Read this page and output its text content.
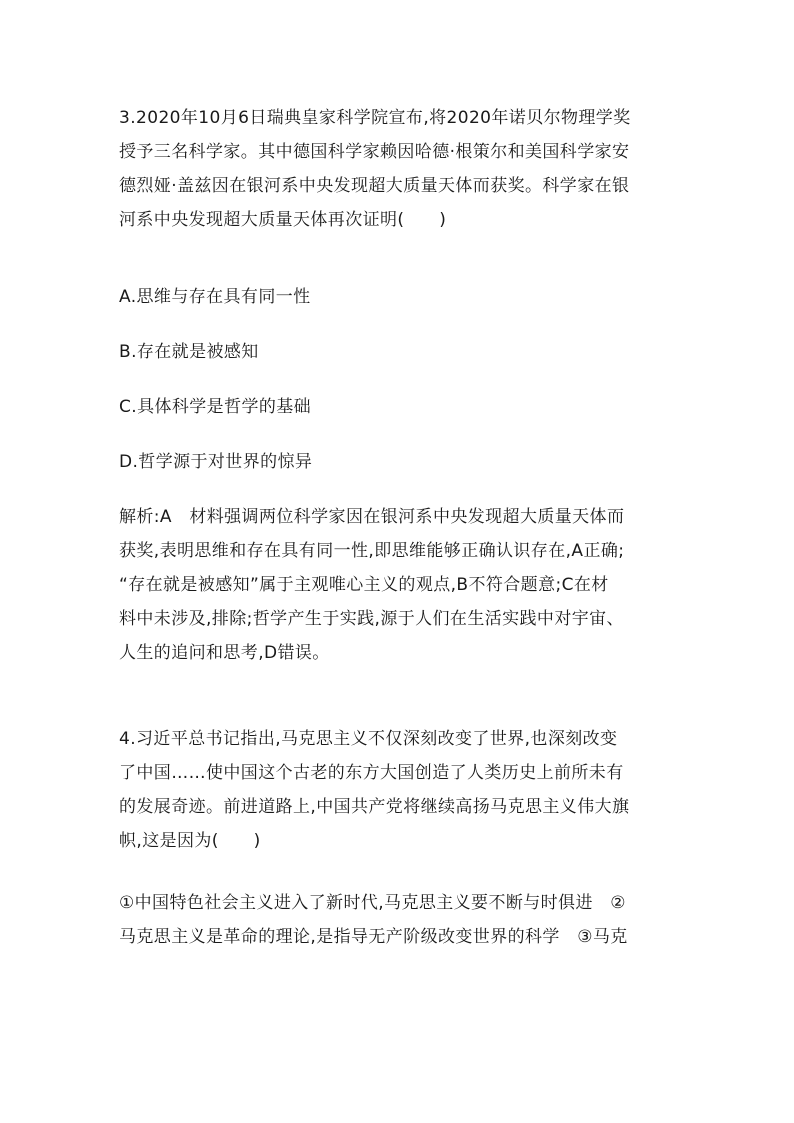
3.2020年10月6日瑞典皇家科学院宣布,将2020年诺贝尔物理学奖
授予三名科学家。其中德国科学家赖因哈德·根策尔和美国科学家安
德烈娅·盖兹因在银河系中央发现超大质量天体而获奖。科学家在银
河系中央发现超大质量天体再次证明(　　)
A.思维与存在具有同一性
B.存在就是被感知
C.具体科学是哲学的基础
D.哲学源于对世界的惊异
解析:A　材料强调两位科学家因在银河系中央发现超大质量天体而
获奖,表明思维和存在具有同一性,即思维能够正确认识存在,A正确;
“存在就是被感知”属于主观唯心主义的观点,B不符合题意;C在材
料中未涉及,排除;哲学产生于实践,源于人们在生活实践中对宇宙、
人生的追问和思考,D错误。
4.习近平总书记指出,马克思主义不仅深刻改变了世界,也深刻改变
了中国……使中国这个古老的东方大国创造了人类历史上前所未有
的发展奇迹。前进道路上,中国共产党将继续高扬马克思主义伟大旗
帜,这是因为(　　)
①中国特色社会主义进入了新时代,马克思主义要不断与时俱进　②
马克思主义是革命的理论,是指导无产阶级改变世界的科学　③马克
